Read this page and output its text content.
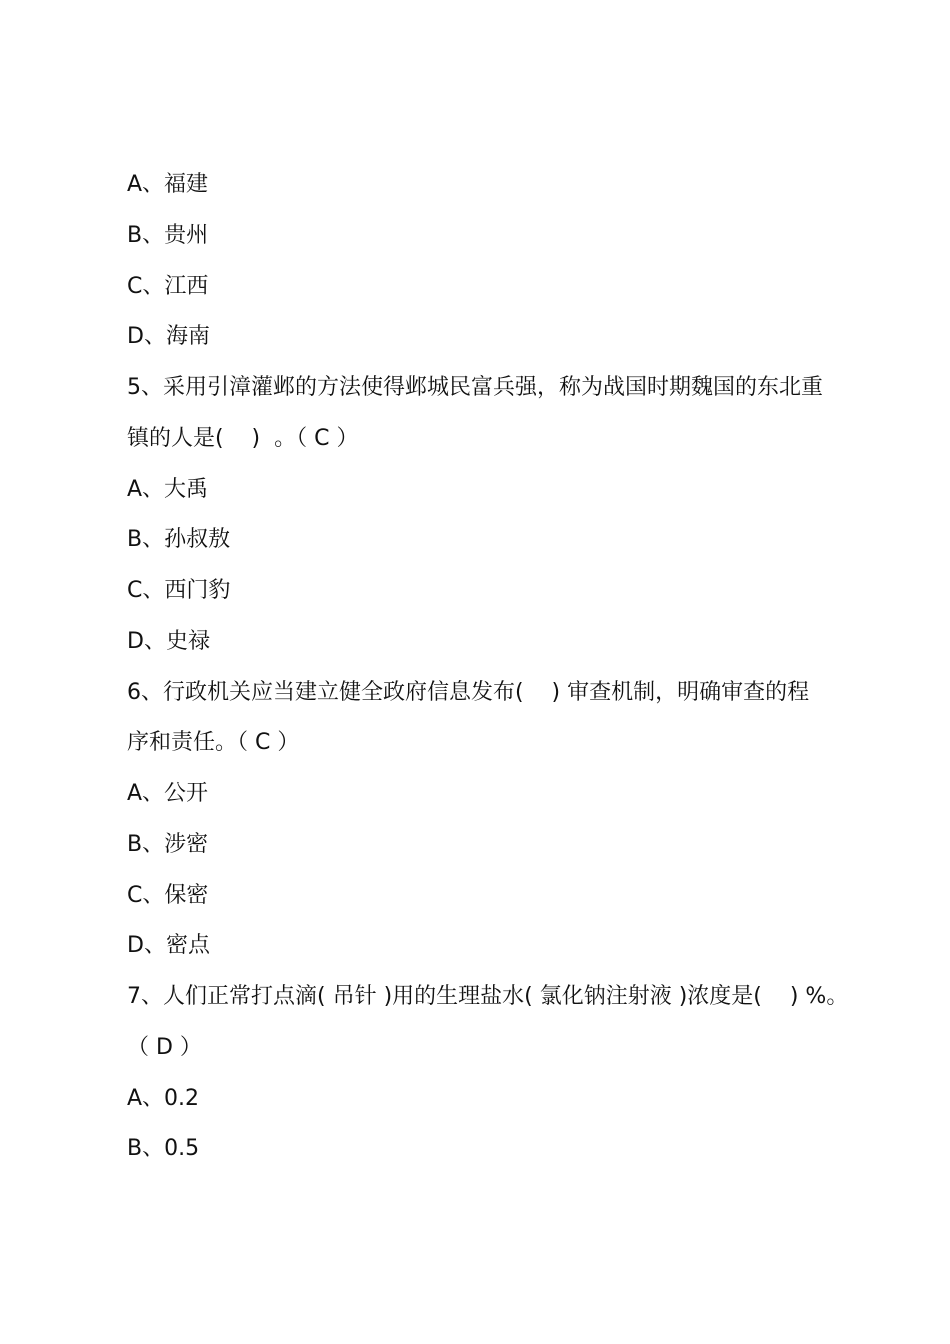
A、福建
B、贵州
C、江西
D、海南
5、采用引漳灌邺的方法使得邺城民富兵强，称为战国时期魏国的东北重
镇的人是(    )  。（ C ）
A、大禹
B、孙叔敖
C、西门豹
D、史禄
6、行政机关应当建立健全政府信息发布(    ) 审查机制，明确审查的程
序和责任。（ C ）
A、公开
B、涉密
C、保密
D、密点
7、人们正常打点滴( 吊针 )用的生理盐水( 氯化钠注射液 )浓度是(    ) %。
（ D ）
A、0.2
B、0.5
